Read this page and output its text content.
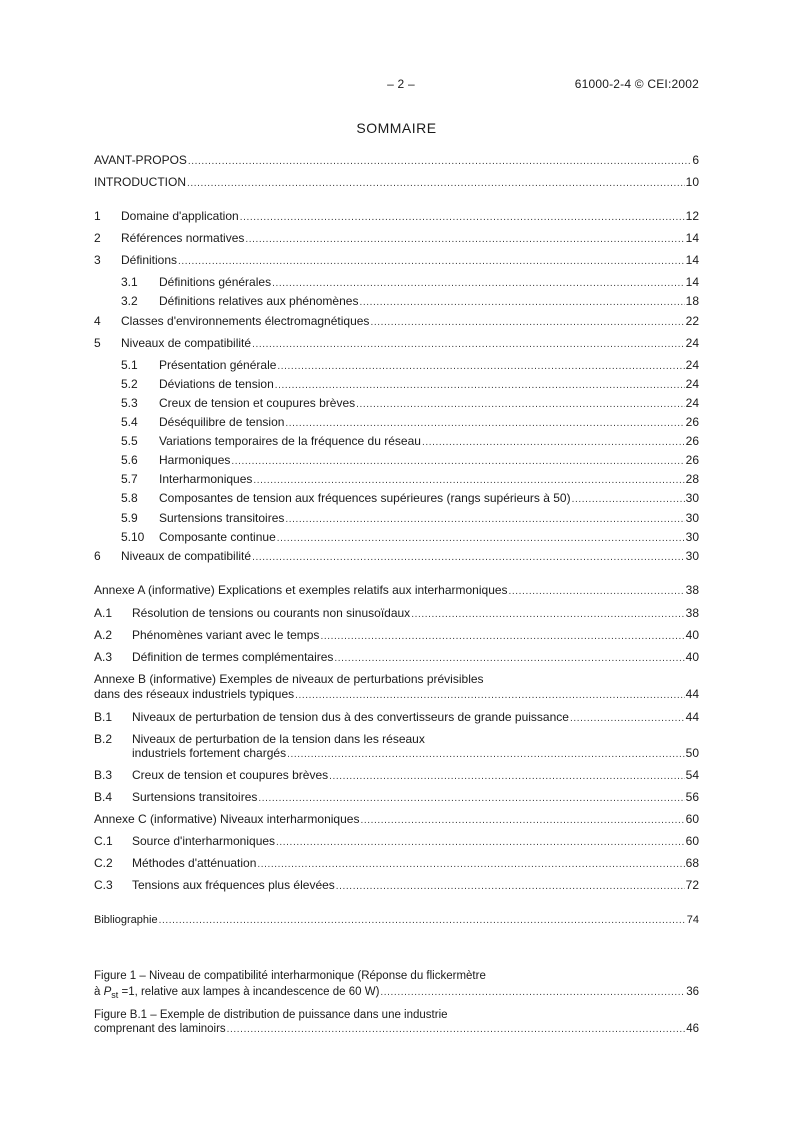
– 2 –	61000-2-4 © CEI:2002
SOMMAIRE
AVANT-PROPOS .....	6
INTRODUCTION .....	10
1	Domaine d'application .....	12
2	Références normatives .....	14
3	Définitions .....	14
3.1	Définitions générales .....	14
3.2	Définitions relatives aux phénomènes .....	18
4	Classes d'environnements électromagnétiques .....	22
5	Niveaux de compatibilité .....	24
5.1	Présentation générale .....	24
5.2	Déviations de tension .....	24
5.3	Creux de tension et coupures brèves .....	24
5.4	Déséquilibre de tension .....	26
5.5	Variations temporaires de la fréquence du réseau .....	26
5.6	Harmoniques .....	26
5.7	Interharmoniques .....	28
5.8	Composantes de tension aux fréquences supérieures (rangs supérieurs à 50) .....	30
5.9	Surtensions transitoires .....	30
5.10	Composante continue .....	30
6	Niveaux de compatibilité .....	30
Annexe A (informative) Explications et exemples relatifs aux interharmoniques .....	38
A.1	Résolution de tensions ou courants non sinusoïdaux .....	38
A.2	Phénomènes variant avec le temps .....	40
A.3	Définition de termes complémentaires .....	40
Annexe B (informative) Exemples de niveaux de perturbations prévisibles
dans des réseaux industriels typiques .....	44
B.1	Niveaux de perturbation de tension dus à des convertisseurs de grande puissance .....	44
B.2 Niveaux de perturbation de la tension dans les réseaux
industriels fortement chargés .....	50
B.3	Creux de tension et coupures brèves .....	54
B.4	Surtensions transitoires .....	56
Annexe C (informative) Niveaux interharmoniques .....	60
C.1	Source d'interharmoniques .....	60
C.2	Méthodes d'atténuation .....	68
C.3	Tensions aux fréquences plus élevées .....	72
Bibliographie .....	74
Figure 1 – Niveau de compatibilité interharmonique (Réponse du flickermètre
à $P_{st} =1$, relative aux lampes à incandescence de 60 W) .....	36
Figure B.1 – Exemple de distribution de puissance dans une industrie
comprenant des laminoirs .....	46
